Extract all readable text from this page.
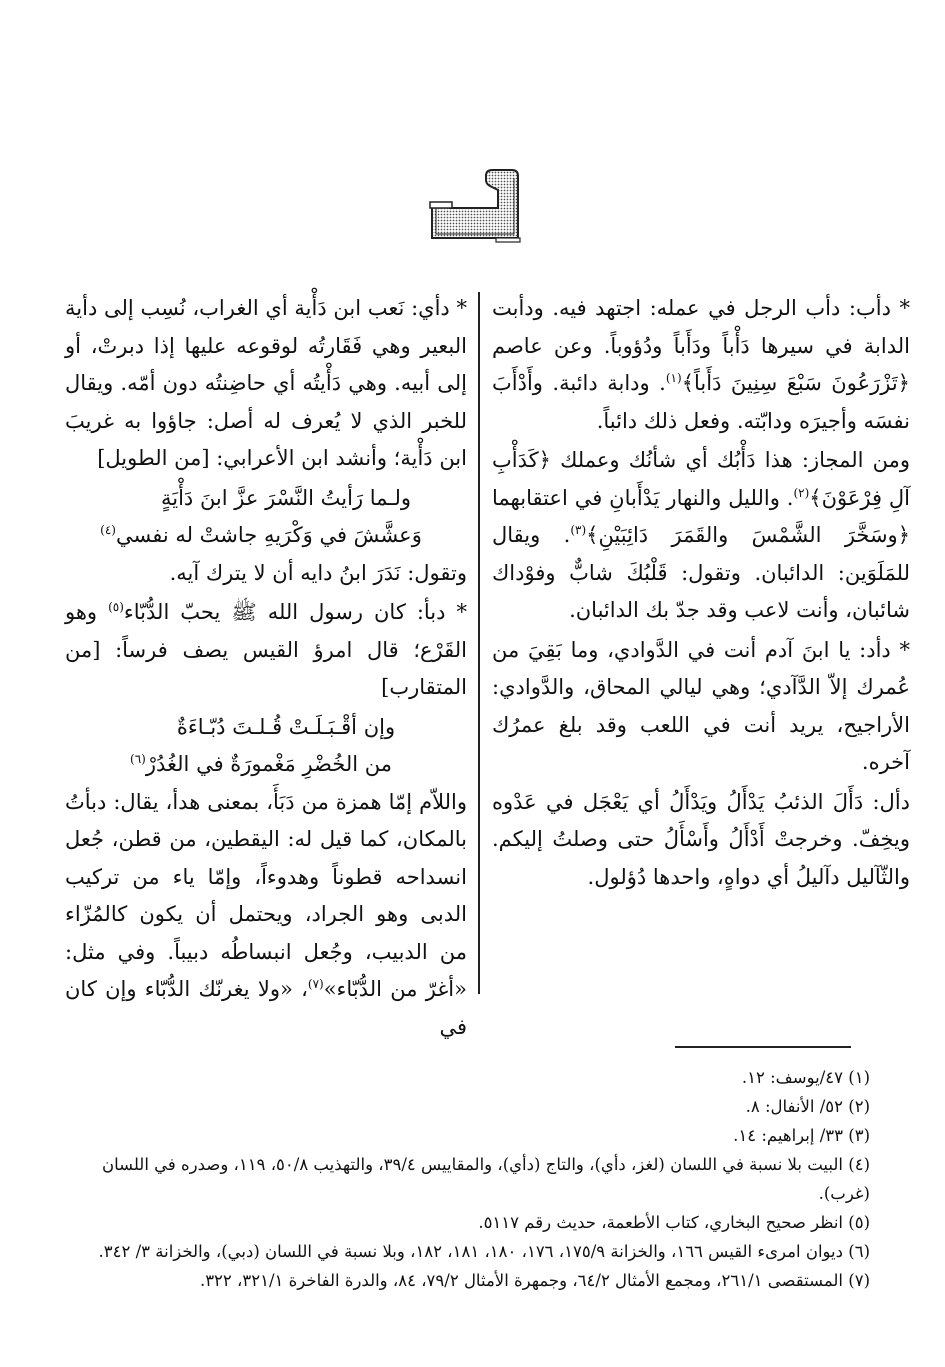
* دأب: دأب الرجل في عمله: اجتهد فيه. ودأبت الدابة في سيرها دَأْباً ودَأَباً ودُؤوباً. وعن عاصم ﴿تَزْرَعُونَ سَبْعَ سِنِينَ دَأَباً﴾$^{(١)}$. ودابة دائبة. وأَدْأَبَ نفسَه وأجيرَه ودابّته. وفعل ذلك دائباً.

ومن المجاز: هذا دَأْبُك أي شأنُك وعملك ﴿كَدَأْبِ آلِ فِرْعَوْنَ﴾$^{(٢)}$. والليل والنهار يَدْأَبانِ في اعتقابهما ﴿وسَخَّرَ الشَّمْسَ والقَمَرَ دَائِبَيْنِ﴾$^{(٣)}$. ويقال للمَلَوَين: الدائبان. وتقول: قَلْبُكَ شابٌّ وفوْداك شائبان، وأنت لاعب وقد جدّ بك الدائبان.

* دأد: يا ابنَ آدم أنت في الدَّوادي، وما بَقِيَ من عُمرك إلاّ الدَّآدي؛ وهي ليالي المحاق، والدَّوادي: الأراجيح، يريد أنت في اللعب وقد بلغ عمرُك آخره.

دأل: دَأَلَ الذئبُ يَدْأَلُ ويَدْأَلُ أي يَعْجَل في عَدْوه ويخِفّ. وخرجتْ أَدْأَلُ وأَسْأَلُ حتى وصلتُ إليكم. والثّآليل دآليلُ أي دواهٍ، واحدها دُؤلول.

* دأي: نَعب ابن دَأْية أي الغراب، نُسِب إلى دأية البعير وهي فَقَارتُه لوقوعه عليها إذا دبرتْ، أو إلى أبيه. وهي دَأْيتُه أي حاضِنتُه دون أمّه. ويقال للخبر الذي لا يُعرف له أصل: جاؤوا به غريبَ ابن دَأْية؛ وأنشد ابن الأعرابي: [من الطويل]

ولـما رَأيتُ النَّسْرَ عزَّ ابنَ دَأْيَةٍ
وَعشَّشَ في وَكْرَيهِ جاشتْ له نفسي$^{(٤)}$

وتقول: نَدَرَ ابنُ دايه أن لا يترك آيه.

* دبأ: كان رسول الله ﷺ يحبّ الدُّبّاء$^{(٥)}$ وهو القَرْع؛ قال امرؤ القيس يصف فرساً: [من المتقارب]

وإن أقْـبَـلَـتْ قُـلـتَ دُبّـاءَةٌ
من الخُضْرِ مَغْمورَةٌ في الغُدُرْ$^{(٦)}$

واللاّم إمّا همزة من دَبَأَ، بمعنى هدأ، يقال: دبأتُ بالمكان، كما قيل له: اليقطين، من قطن، جُعل انسداحه قطوناً وهدوءاً، وإمّا ياء من تركيب الدبى وهو الجراد، ويحتمل أن يكون كالمُزّاء من الدبيب، وجُعل انبساطُه دبيباً. وفي مثل: «أغرّ من الدُّبّاء»$^{(٧)}$، «ولا يغرنّك الدُّبّاء وإن كان في

(١) ٤٧/يوسف: ١٢.

(٢) ٥٢/ الأنفال: ٨.

(٣) ٣٣/ إبراهيم: ١٤.

(٤) البيت بلا نسبة في اللسان (لغز، دأي)، والتاج (دأي)، والمقاييس ٣٩/٤، والتهذيب ٥٠/٨، ١١٩، وصدره في اللسان (غرب).

(٥) انظر صحيح البخاري، كتاب الأطعمة، حديث رقم ٥١١٧.

(٦) ديوان امرىء القيس ١٦٦، والخزانة ١٧٥/٩، ١٧٦، ١٨٠، ١٨١، ١٨٢، وبلا نسبة في اللسان (دبي)، والخزانة ٣/ ٣٤٢.

(٧) المستقصى ٢٦١/١، ومجمع الأمثال ٦٤/٢، وجمهرة الأمثال ٧٩/٢، ٨٤، والدرة الفاخرة ٣٢١/١، ٣٢٢.
